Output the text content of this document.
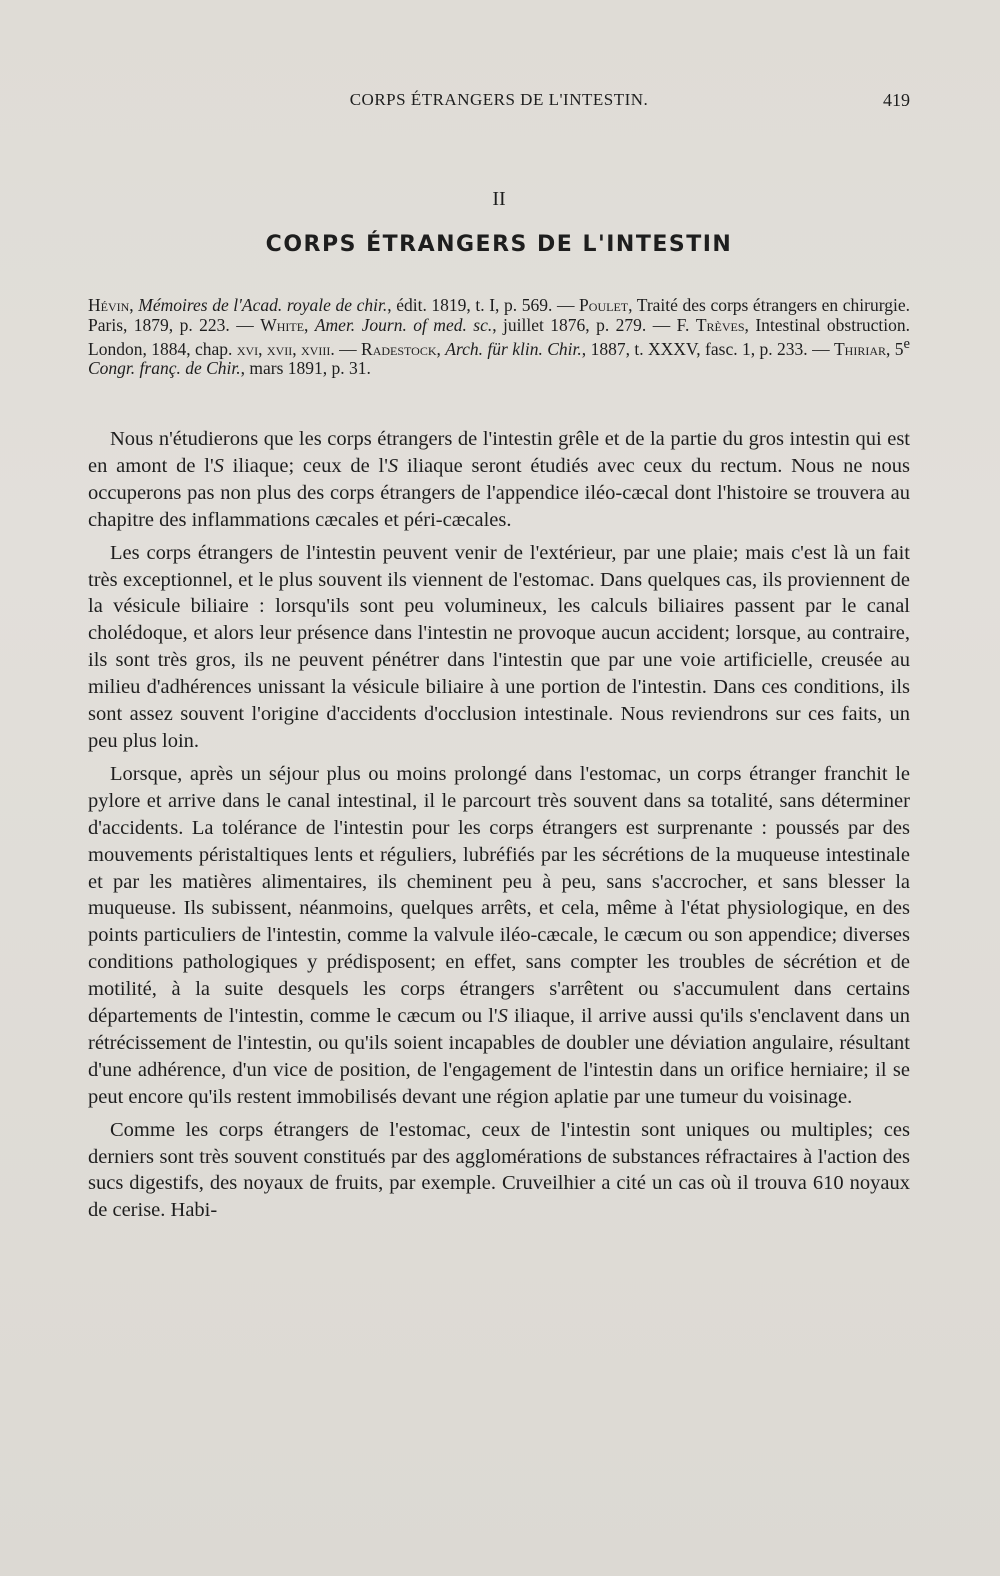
CORPS ÉTRANGERS DE L'INTESTIN.	419
II
CORPS ÉTRANGERS DE L'INTESTIN
Hévin, Mémoires de l'Acad. royale de chir., édit. 1819, t. I, p. 569. — Poulet, Traité des corps étrangers en chirurgie. Paris, 1879, p. 223. — White, Amer. Journ. of med. sc., juillet 1876, p. 279. — F. Trèves, Intestinal obstruction. London, 1884, chap. xvi, xvii, xviii. — Radestock, Arch. für klin. Chir., 1887, t. XXXV, fasc. 1, p. 233. — Thiriar, 5e Congr. franç. de Chir., mars 1891, p. 31.

Nous n'étudierons que les corps étrangers de l'intestin grêle et de la partie du gros intestin qui est en amont de l'S iliaque; ceux de l'S iliaque seront étudiés avec ceux du rectum. Nous ne nous occuperons pas non plus des corps étrangers de l'appendice iléo-cæcal dont l'histoire se trouvera au chapitre des inflammations cæcales et péri-cæcales.

Les corps étrangers de l'intestin peuvent venir de l'extérieur, par une plaie; mais c'est là un fait très exceptionnel, et le plus souvent ils viennent de l'estomac. Dans quelques cas, ils proviennent de la vésicule biliaire : lorsqu'ils sont peu volumineux, les calculs biliaires passent par le canal cholédoque, et alors leur présence dans l'intestin ne provoque aucun accident; lorsque, au contraire, ils sont très gros, ils ne peuvent pénétrer dans l'intestin que par une voie artificielle, creusée au milieu d'adhérences unissant la vésicule biliaire à une portion de l'intestin. Dans ces conditions, ils sont assez souvent l'origine d'accidents d'occlusion intestinale. Nous reviendrons sur ces faits, un peu plus loin.

Lorsque, après un séjour plus ou moins prolongé dans l'estomac, un corps étranger franchit le pylore et arrive dans le canal intestinal, il le parcourt très souvent dans sa totalité, sans déterminer d'accidents. La tolérance de l'intestin pour les corps étrangers est surprenante : poussés par des mouvements péristaltiques lents et réguliers, lubréfiés par les sécrétions de la muqueuse intestinale et par les matières alimentaires, ils cheminent peu à peu, sans s'accrocher, et sans blesser la muqueuse. Ils subissent, néanmoins, quelques arrêts, et cela, même à l'état physiologique, en des points particuliers de l'intestin, comme la valvule iléo-cæcale, le cæcum ou son appendice; diverses conditions pathologiques y prédisposent; en effet, sans compter les troubles de sécrétion et de motilité, à la suite desquels les corps étrangers s'arrêtent ou s'accumulent dans certains départements de l'intestin, comme le cæcum ou l'S iliaque, il arrive aussi qu'ils s'enclavent dans un rétrécissement de l'intestin, ou qu'ils soient incapables de doubler une déviation angulaire, résultant d'une adhérence, d'un vice de position, de l'engagement de l'intestin dans un orifice herniaire; il se peut encore qu'ils restent immobilisés devant une région aplatie par une tumeur du voisinage.

Comme les corps étrangers de l'estomac, ceux de l'intestin sont uniques ou multiples; ces derniers sont très souvent constitués par des agglomérations de substances réfractaires à l'action des sucs digestifs, des noyaux de fruits, par exemple. Cruveilhier a cité un cas où il trouva 610 noyaux de cerise. Habi-
